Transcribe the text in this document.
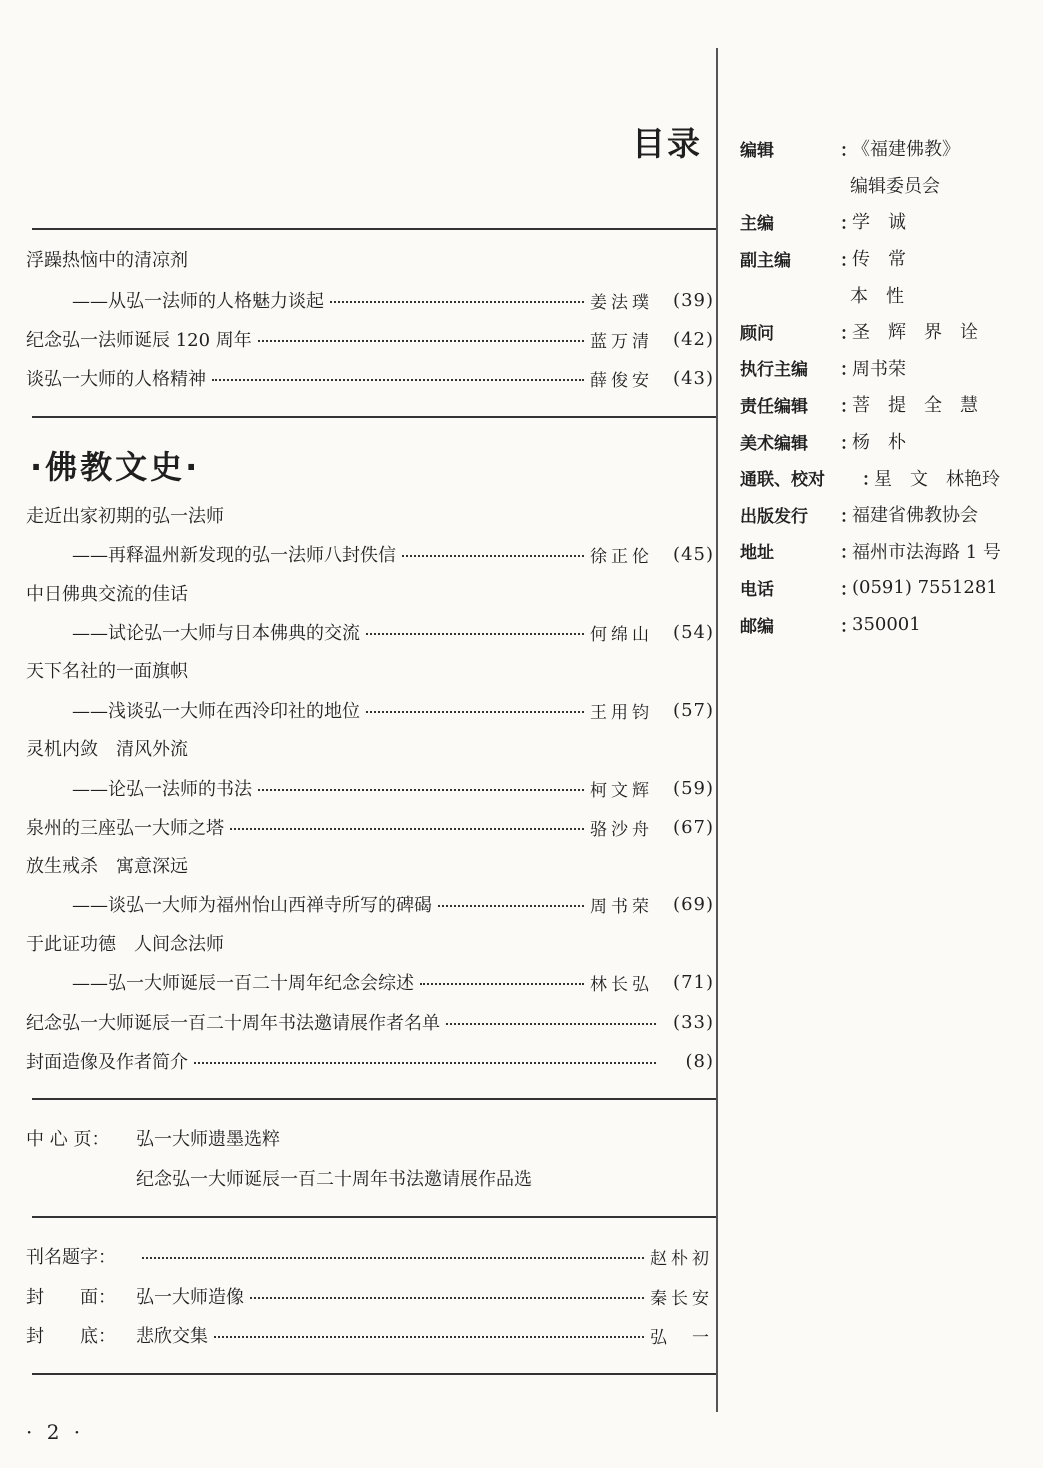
目录
浮躁热恼中的清凉剂
——从弘一法师的人格魅力谈起	姜法璞	(39)
纪念弘一法师诞辰 120 周年	蓝万清	(42)
谈弘一大师的人格精神	薛俊安	(43)
·佛教文史·
走近出家初期的弘一法师
——再释温州新发现的弘一法师八封佚信	徐正伦	(45)
中日佛典交流的佳话
——试论弘一大师与日本佛典的交流	何绵山	(54)
天下名社的一面旗帜
——浅谈弘一大师在西泠印社的地位	王用钧	(57)
灵机内敛　清风外流
——论弘一法师的书法	柯文辉	(59)
泉州的三座弘一大师之塔	骆沙舟	(67)
放生戒杀　寓意深远
——谈弘一大师为福州怡山西禅寺所写的碑碣	周书荣	(69)
于此证功德　人间念法师
——弘一大师诞辰一百二十周年纪念会综述	林长弘	(71)
纪念弘一大师诞辰一百二十周年书法邀请展作者名单	(33)
封面造像及作者简介	(8)
中 心 页：	弘一大师遗墨选粹
纪念弘一大师诞辰一百二十周年书法邀请展作品选
刊名题字：	赵朴初
封　　面：	弘一大师造像	秦长安
封　　底：	悲欣交集	弘　一
编辑	：
《福建佛教》
编辑委员会
主编	：
学　诚
副主编	：
传　常
本　性
顾问	：
圣　辉　界　诠
执行主编 ：
周书荣
责任编辑 ：
菩　提　全　慧
美术编辑 ：
杨　朴
通联、校对 ：
星　文　林艳玲
出版发行 ：
福建省佛教协会
地址	：
福州市法海路 1 号
电话	：
(0591) 7551281
邮编	：
350001
· 2 ·
